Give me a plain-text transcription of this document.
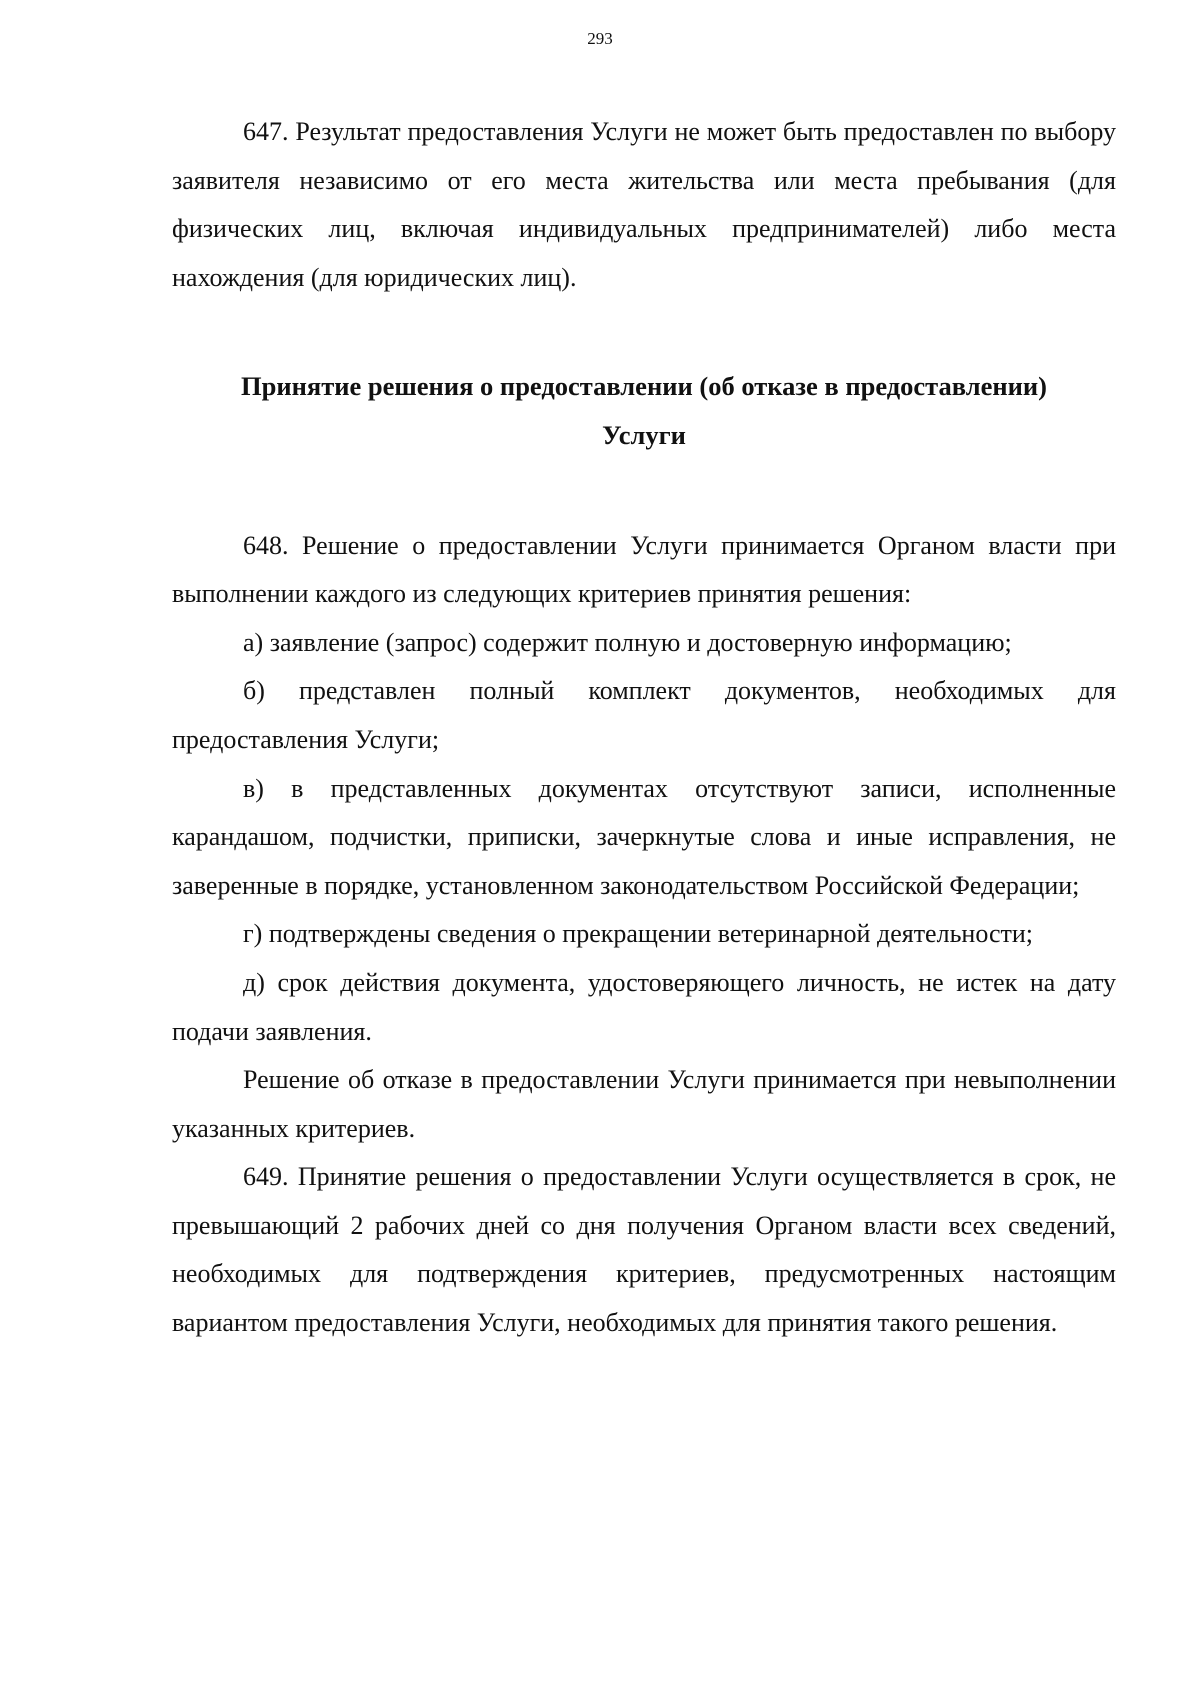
293

647. Результат предоставления Услуги не может быть предоставлен по выбору заявителя независимо от его места жительства или места пребывания (для физических лиц, включая индивидуальных предпринимателей) либо места нахождения (для юридических лиц).

Принятие решения о предоставлении (об отказе в предоставлении)
Услуги

648. Решение о предоставлении Услуги принимается Органом власти при выполнении каждого из следующих критериев принятия решения:

а) заявление (запрос) содержит полную и достоверную информацию;

б) представлен полный комплект документов, необходимых для предоставления Услуги;

в) в представленных документах отсутствуют записи, исполненные карандашом, подчистки, приписки, зачеркнутые слова и иные исправления, не заверенные в порядке, установленном законодательством Российской Федерации;

г) подтверждены сведения о прекращении ветеринарной деятельности;

д) срок действия документа, удостоверяющего личность, не истек на дату подачи заявления.

Решение об отказе в предоставлении Услуги принимается при невыполнении указанных критериев.

649. Принятие решения о предоставлении Услуги осуществляется в срок, не превышающий 2 рабочих дней со дня получения Органом власти всех сведений, необходимых для подтверждения критериев, предусмотренных настоящим вариантом предоставления Услуги, необходимых для принятия такого решения.
